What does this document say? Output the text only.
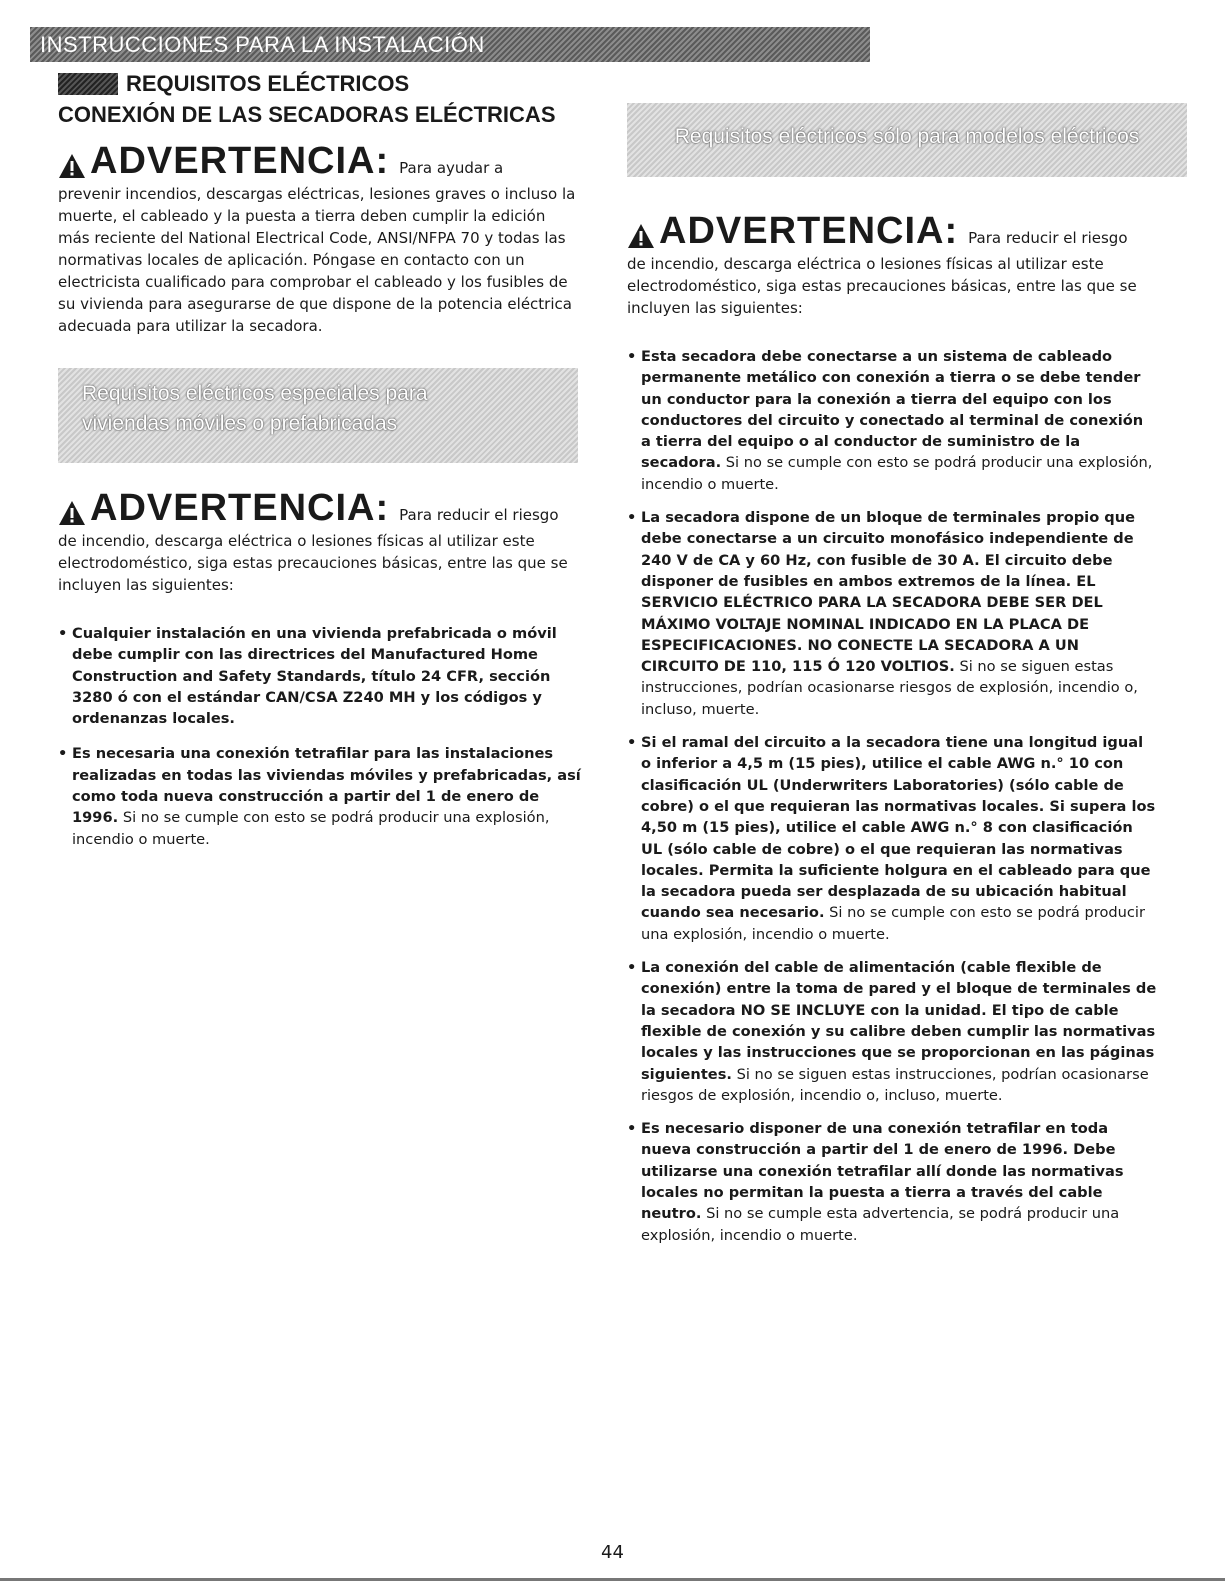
INSTRUCCIONES PARA LA INSTALACIÓN
REQUISITOS ELÉCTRICOS
CONEXIÓN DE LAS SECADORAS ELÉCTRICAS
ADVERTENCIA: Para ayudar a

prevenir incendios, descargas eléctricas, lesiones graves o incluso la muerte, el cableado y la puesta a tierra deben cumplir la edición más reciente del National Electrical Code, ANSI/NFPA 70 y todas las normativas locales de aplicación. Póngase en contacto con un electricista cualificado para comprobar el cableado y los fusibles de su vivienda para asegurarse de que dispone de la potencia eléctrica adecuada para utilizar la secadora.

Requisitos eléctricos especiales para
viviendas móviles o prefabricadas
ADVERTENCIA: Para reducir el riesgo

de incendio, descarga eléctrica o lesiones físicas al utilizar este electrodoméstico, siga estas precauciones básicas, entre las que se incluyen las siguientes:

• Cualquier instalación en una vivienda prefabricada o móvil debe cumplir con las directrices del Manufactured Home Construction and Safety Standards, título 24 CFR, sección 3280 ó con el estándar CAN/CSA Z240 MH y los códigos y ordenanzas locales.
• Es necesaria una conexión tetrafilar para las instalaciones realizadas en todas las viviendas móviles y prefabricadas, así como toda nueva construcción a partir del 1 de enero de 1996. Si no se cumple con esto se podrá producir una explosión, incendio o muerte.
Requisitos eléctricos sólo para modelos eléctricos
ADVERTENCIA: Para reducir el riesgo

de incendio, descarga eléctrica o lesiones físicas al utilizar este electrodoméstico, siga estas precauciones básicas, entre las que se incluyen las siguientes:

• Esta secadora debe conectarse a un sistema de cableado permanente metálico con conexión a tierra o se debe tender un conductor para la conexión a tierra del equipo con los conductores del circuito y conectado al terminal de conexión a tierra del equipo o al conductor de suministro de la secadora. Si no se cumple con esto se podrá producir una explosión, incendio o muerte.
• La secadora dispone de un bloque de terminales propio que debe conectarse a un circuito monofásico independiente de 240 V de CA y 60 Hz, con fusible de 30 A. El circuito debe disponer de fusibles en ambos extremos de la línea. EL SERVICIO ELÉCTRICO PARA LA SECADORA DEBE SER DEL MÁXIMO VOLTAJE NOMINAL INDICADO EN LA PLACA DE ESPECIFICACIONES. NO CONECTE LA SECADORA A UN CIRCUITO DE 110, 115 Ó 120 VOLTIOS. Si no se siguen estas instrucciones, podrían ocasionarse riesgos de explosión, incendio o, incluso, muerte.
• Si el ramal del circuito a la secadora tiene una longitud igual o inferior a 4,5 m (15 pies), utilice el cable AWG n.° 10 con clasificación UL (Underwriters Laboratories) (sólo cable de cobre) o el que requieran las normativas locales. Si supera los 4,50 m (15 pies), utilice el cable AWG n.° 8 con clasificación UL (sólo cable de cobre) o el que requieran las normativas locales. Permita la suficiente holgura en el cableado para que la secadora pueda ser desplazada de su ubicación habitual cuando sea necesario. Si no se cumple con esto se podrá producir una explosión, incendio o muerte.
• La conexión del cable de alimentación (cable flexible de conexión) entre la toma de pared y el bloque de terminales de la secadora NO SE INCLUYE con la unidad. El tipo de cable flexible de conexión y su calibre deben cumplir las normativas locales y las instrucciones que se proporcionan en las páginas siguientes. Si no se siguen estas instrucciones, podrían ocasionarse riesgos de explosión, incendio o, incluso, muerte.
• Es necesario disponer de una conexión tetrafilar en toda nueva construcción a partir del 1 de enero de 1996. Debe utilizarse una conexión tetrafilar allí donde las normativas locales no permitan la puesta a tierra a través del cable neutro. Si no se cumple esta advertencia, se podrá producir una explosión, incendio o muerte.
44
